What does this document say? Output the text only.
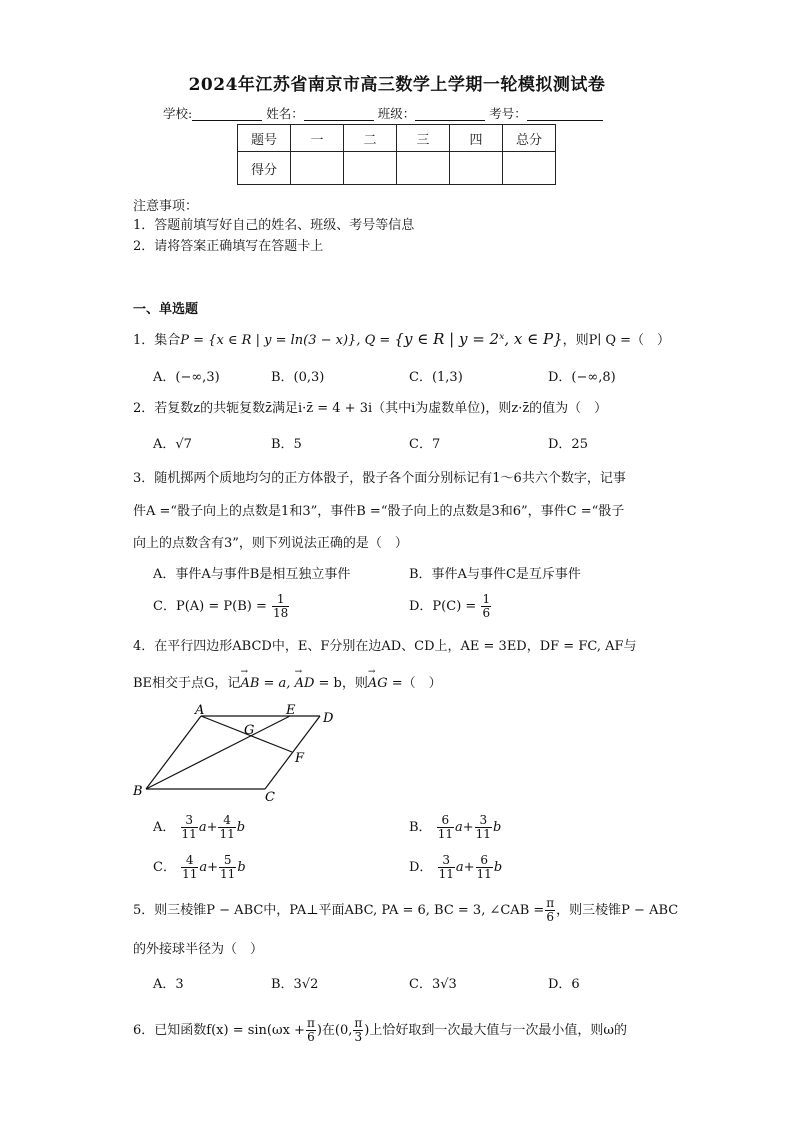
2024年江苏省南京市高三数学上学期一轮模拟测试卷
学校:	姓名：	班级：	考号：
题号	一	二	三	四	总分
得分					
注意事项：
1．答题前填写好自己的姓名、班级、考号等信息
2．请将答案正确填写在答题卡上
一、单选题
1．集合P = {x ∈ R | y = ln(3 − x)}, Q = {y ∈ R | y = 2ˣ, x ∈ P}，则P∣ Q =（　）
A．(−∞,3)	B．(0,3)	C．(1,3)	D．(−∞,8)
2．若复数z的共轭复数z̄满足i·z̄ = 4 + 3i（其中i为虚数单位)，则z·z̄的值为（　）
A．√7	B．5	C．7	D．25
3．随机掷两个质地均匀的正方体骰子，骰子各个面分别标记有1～6共六个数字，记事
件A =“骰子向上的点数是1和3”，事件B =“骰子向上的点数是3和6”，事件C =“骰子
向上的点数含有3”，则下列说法正确的是（　）
A．事件A与事件B是相互独立事件	B．事件A与事件C是互斥事件
C．$P(A) = P(B) = \frac{1}{18}$	D．$P(C) = \frac{1}{6}$
4．在平行四边形ABCD中，E、F分别在边AD、CD上，AE = 3ED，DF = FC, AF与
BE相交于点G，记→ AB = a, → AD = b，则→ AG =（　）
A	E
D
G
F
B	C
A． $\frac{3}{11} a+ \frac{4}{11}$ b	B． $\frac{6}{11} a+ \frac{3}{11}$ b
C． $\frac{4}{11} a+ \frac{5}{11}$ b	D． $\frac{3}{11} a+ \frac{6}{11}$ b
5．则三棱锥P − ABC中，PA⊥平面ABC, PA = 6, BC = 3, ∠CAB = $\frac{\pi}{6}$ ，则三棱锥P − ABC
的外接球半径为（　）
A．3	B．3√2	C．3√3	D．6
6．已知函数$f(x) = \sin(\omega x + \frac{\pi}{6}$ )在(0, $\frac{\pi}{3}$ )上恰好取到一次最大值与一次最小值，则ω的
